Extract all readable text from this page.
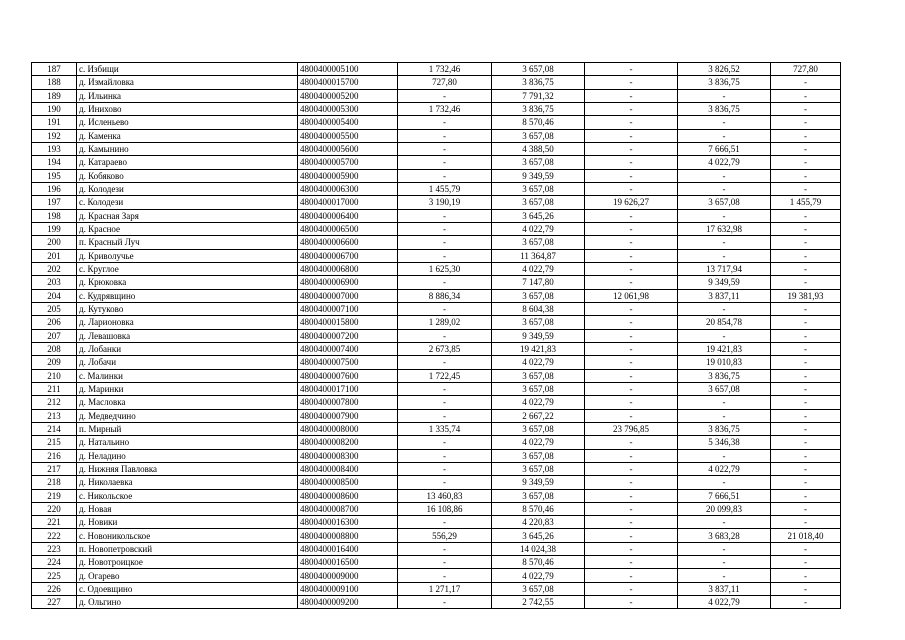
187	с. Избищи	4800400005100	1 732,46	3 657,08	-	3 826,52	727,80
188	д. Измайловка	4800400015700	727,80	3 836,75	-	3 836,75	-
189	д. Ильинка	4800400005200	-	7 791,32	-	-	-
190	д. Инихово	4800400005300	1 732,46	3 836,75	-	3 836,75	-
191	д. Исленьево	4800400005400	-	8 570,46	-	-	-
192	д. Каменка	4800400005500	-	3 657,08	-	-	-
193	д. Камынино	4800400005600	-	4 388,50	-	7 666,51	-
194	д. Катараево	4800400005700	-	3 657,08	-	4 022,79	-
195	д. Кобяково	4800400005900	-	9 349,59	-	-	-
196	д. Колодези	4800400006300	1 455,79	3 657,08	-	-	-
197	с. Колодези	4800400017000	3 190,19	3 657,08	19 626,27	3 657,08	1 455,79
198	д. Красная Заря	4800400006400	-	3 645,26	-	-	-
199	д. Красное	4800400006500	-	4 022,79	-	17 632,98	-
200	п. Красный Луч	4800400006600	-	3 657,08	-	-	-
201	д. Криволучье	4800400006700	-	11 364,87	-	-	-
202	с. Круглое	4800400006800	1 625,30	4 022,79	-	13 717,94	-
203	д. Крюковка	4800400006900	-	7 147,80	-	9 349,59	-
204	с. Кудрявщино	4800400007000	8 886,34	3 657,08	12 061,98	3 837,11	19 381,93
205	д. Кутуково	4800400007100	-	8 604,38	-	-	-
206	д. Ларионовка	4800400015800	1 289,02	3 657,08	-	20 854,78	-
207	д. Левашовка	4800400007200	-	9 349,59	-	-	-
208	д. Лобанки	4800400007400	2 673,85	19 421,83	-	19 421,83	-
209	д. Лобачи	4800400007500	-	4 022,79	-	19 010,83	-
210	с. Малинки	4800400007600	1 722,45	3 657,08	-	3 836,75	-
211	д. Маринки	4800400017100	-	3 657,08	-	3 657,08	-
212	д. Масловка	4800400007800	-	4 022,79	-	-	-
213	д. Медведчино	4800400007900	-	2 667,22	-	-	-
214	п. Мирный	4800400008000	1 335,74	3 657,08	23 796,85	3 836,75	-
215	д. Натальино	4800400008200	-	4 022,79	-	5 346,38	-
216	д. Неладино	4800400008300	-	3 657,08	-	-	-
217	д. Нижняя Павловка	4800400008400	-	3 657,08	-	4 022,79	-
218	д. Николаевка	4800400008500	-	9 349,59	-	-	-
219	с. Никольское	4800400008600	13 460,83	3 657,08	-	7 666,51	-
220	д. Новая	4800400008700	16 108,86	8 570,46	-	20 099,83	-
221	д. Новики	4800400016300	-	4 220,83	-	-	-
222	с. Новоникольское	4800400008800	556,29	3 645,26	-	3 683,28	21 018,40
223	п. Новопетровский	4800400016400	-	14 024,38	-	-	-
224	д. Новотроицкое	4800400016500	-	8 570,46	-	-	-
225	д. Огарево	4800400009000	-	4 022,79	-	-	-
226	с. Одоевщино	4800400009100	1 271,17	3 657,08	-	3 837,11	-
227	д. Ольгино	4800400009200	-	2 742,55	-	4 022,79	-
